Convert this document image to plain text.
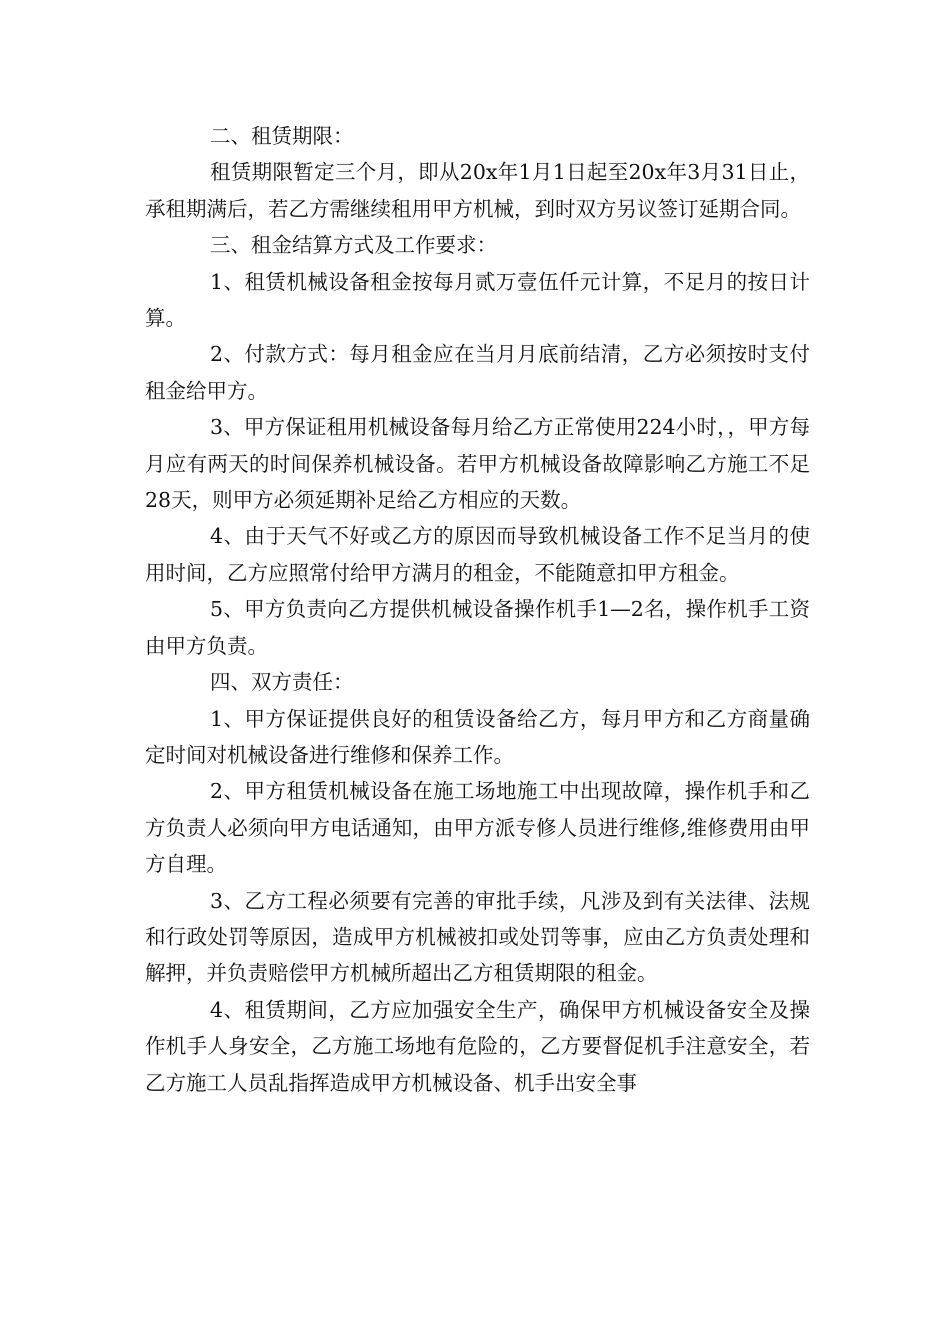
二、租赁期限：

租赁期限暂定三个月，即从20x年1月1日起至20x年3月31日止，承租期满后，若乙方需继续租用甲方机械，到时双方另议签订延期合同。

三、租金结算方式及工作要求：

1、租赁机械设备租金按每月贰万壹伍仟元计算，不足月的按日计算。

2、付款方式：每月租金应在当月月底前结清，乙方必须按时支付租金给甲方。

3、甲方保证租用机械设备每月给乙方正常使用224小时，，甲方每月应有两天的时间保养机械设备。若甲方机械设备故障影响乙方施工不足28天，则甲方必须延期补足给乙方相应的天数。

4、由于天气不好或乙方的原因而导致机械设备工作不足当月的使用时间，乙方应照常付给甲方满月的租金，不能随意扣甲方租金。

5、甲方负责向乙方提供机械设备操作机手1—2名，操作机手工资由甲方负责。

四、双方责任：

1、甲方保证提供良好的租赁设备给乙方，每月甲方和乙方商量确定时间对机械设备进行维修和保养工作。

2、甲方租赁机械设备在施工场地施工中出现故障，操作机手和乙方负责人必须向甲方电话通知，由甲方派专修人员进行维修,维修费用由甲方自理。

3、乙方工程必须要有完善的审批手续，凡涉及到有关法律、法规和行政处罚等原因，造成甲方机械被扣或处罚等事，应由乙方负责处理和解押，并负责赔偿甲方机械所超出乙方租赁期限的租金。

4、租赁期间，乙方应加强安全生产，确保甲方机械设备安全及操作机手人身安全，乙方施工场地有危险的，乙方要督促机手注意安全，若乙方施工人员乱指挥造成甲方机械设备、机手出安全事
